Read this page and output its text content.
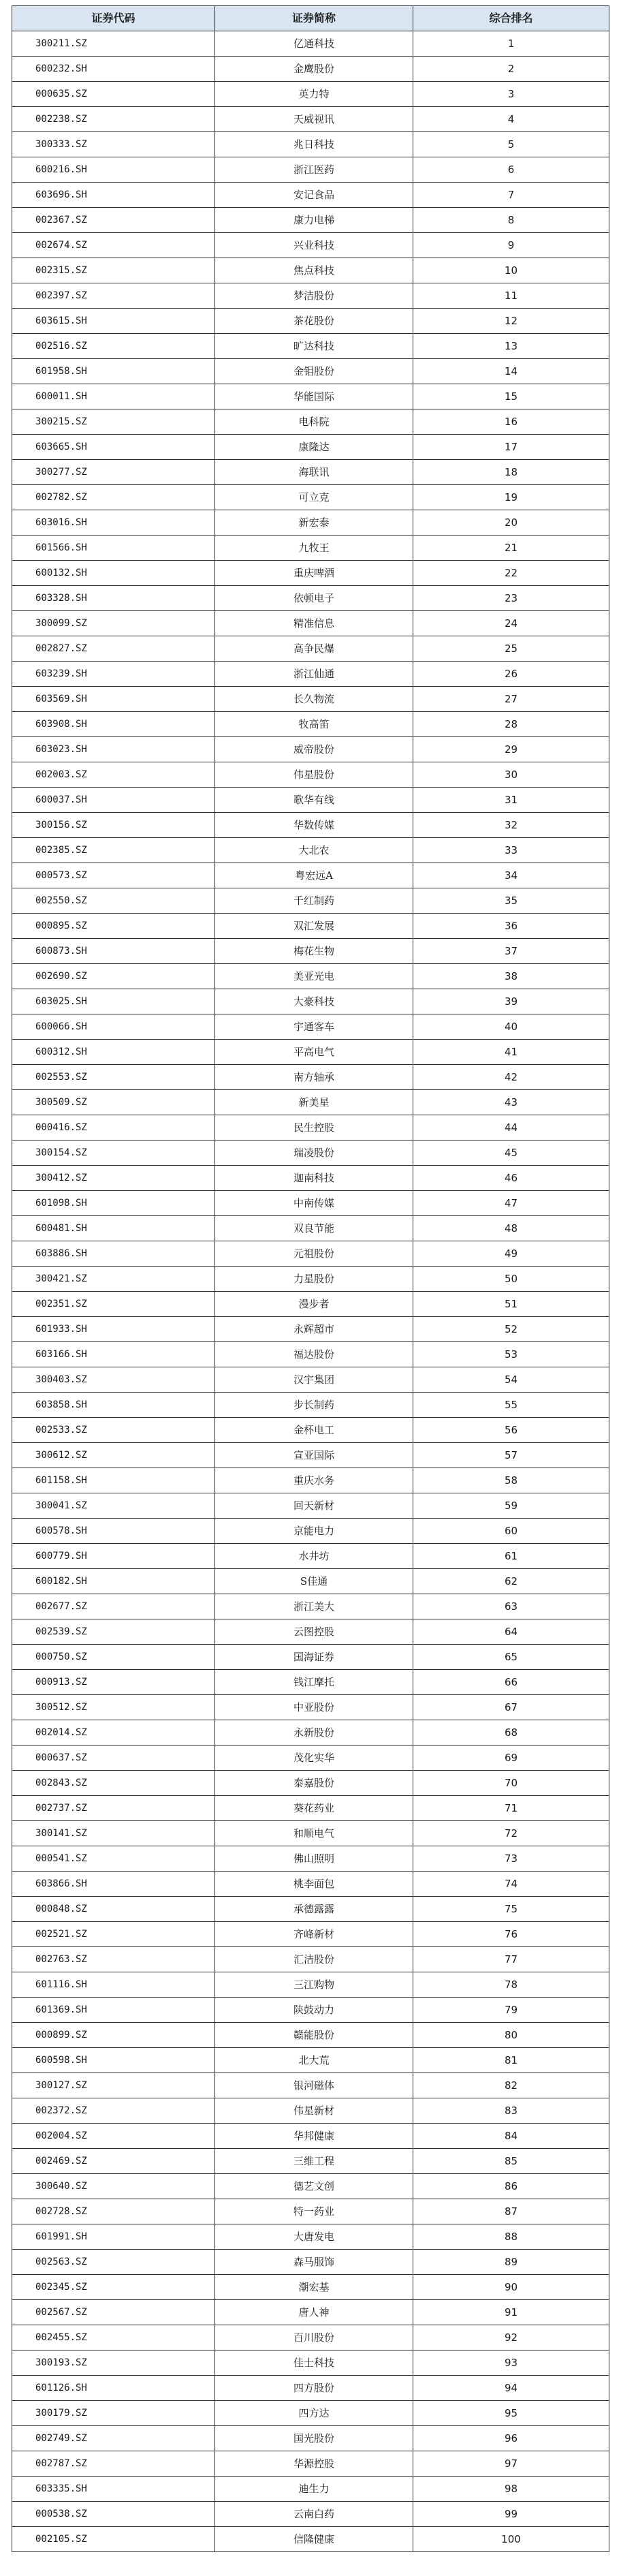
证券代码	证券简称	综合排名
300211.SZ	亿通科技	1
600232.SH	金鹰股份	2
000635.SZ	英力特	3
002238.SZ	天威视讯	4
300333.SZ	兆日科技	5
600216.SH	浙江医药	6
603696.SH	安记食品	7
002367.SZ	康力电梯	8
002674.SZ	兴业科技	9
002315.SZ	焦点科技	10
002397.SZ	梦洁股份	11
603615.SH	茶花股份	12
002516.SZ	旷达科技	13
601958.SH	金钼股份	14
600011.SH	华能国际	15
300215.SZ	电科院	16
603665.SH	康隆达	17
300277.SZ	海联讯	18
002782.SZ	可立克	19
603016.SH	新宏泰	20
601566.SH	九牧王	21
600132.SH	重庆啤酒	22
603328.SH	依顿电子	23
300099.SZ	精准信息	24
002827.SZ	高争民爆	25
603239.SH	浙江仙通	26
603569.SH	长久物流	27
603908.SH	牧高笛	28
603023.SH	威帝股份	29
002003.SZ	伟星股份	30
600037.SH	歌华有线	31
300156.SZ	华数传媒	32
002385.SZ	大北农	33
000573.SZ	粤宏远A	34
002550.SZ	千红制药	35
000895.SZ	双汇发展	36
600873.SH	梅花生物	37
002690.SZ	美亚光电	38
603025.SH	大豪科技	39
600066.SH	宇通客车	40
600312.SH	平高电气	41
002553.SZ	南方轴承	42
300509.SZ	新美星	43
000416.SZ	民生控股	44
300154.SZ	瑞凌股份	45
300412.SZ	迦南科技	46
601098.SH	中南传媒	47
600481.SH	双良节能	48
603886.SH	元祖股份	49
300421.SZ	力星股份	50
002351.SZ	漫步者	51
601933.SH	永辉超市	52
603166.SH	福达股份	53
300403.SZ	汉宇集团	54
603858.SH	步长制药	55
002533.SZ	金杯电工	56
300612.SZ	宣亚国际	57
601158.SH	重庆水务	58
300041.SZ	回天新材	59
600578.SH	京能电力	60
600779.SH	水井坊	61
600182.SH	S佳通	62
002677.SZ	浙江美大	63
002539.SZ	云图控股	64
000750.SZ	国海证券	65
000913.SZ	钱江摩托	66
300512.SZ	中亚股份	67
002014.SZ	永新股份	68
000637.SZ	茂化实华	69
002843.SZ	泰嘉股份	70
002737.SZ	葵花药业	71
300141.SZ	和顺电气	72
000541.SZ	佛山照明	73
603866.SH	桃李面包	74
000848.SZ	承德露露	75
002521.SZ	齐峰新材	76
002763.SZ	汇洁股份	77
601116.SH	三江购物	78
601369.SH	陕鼓动力	79
000899.SZ	赣能股份	80
600598.SH	北大荒	81
300127.SZ	银河磁体	82
002372.SZ	伟星新材	83
002004.SZ	华邦健康	84
002469.SZ	三维工程	85
300640.SZ	德艺文创	86
002728.SZ	特一药业	87
601991.SH	大唐发电	88
002563.SZ	森马服饰	89
002345.SZ	潮宏基	90
002567.SZ	唐人神	91
002455.SZ	百川股份	92
300193.SZ	佳士科技	93
601126.SH	四方股份	94
300179.SZ	四方达	95
002749.SZ	国光股份	96
002787.SZ	华源控股	97
603335.SH	迪生力	98
000538.SZ	云南白药	99
002105.SZ	信隆健康	100
